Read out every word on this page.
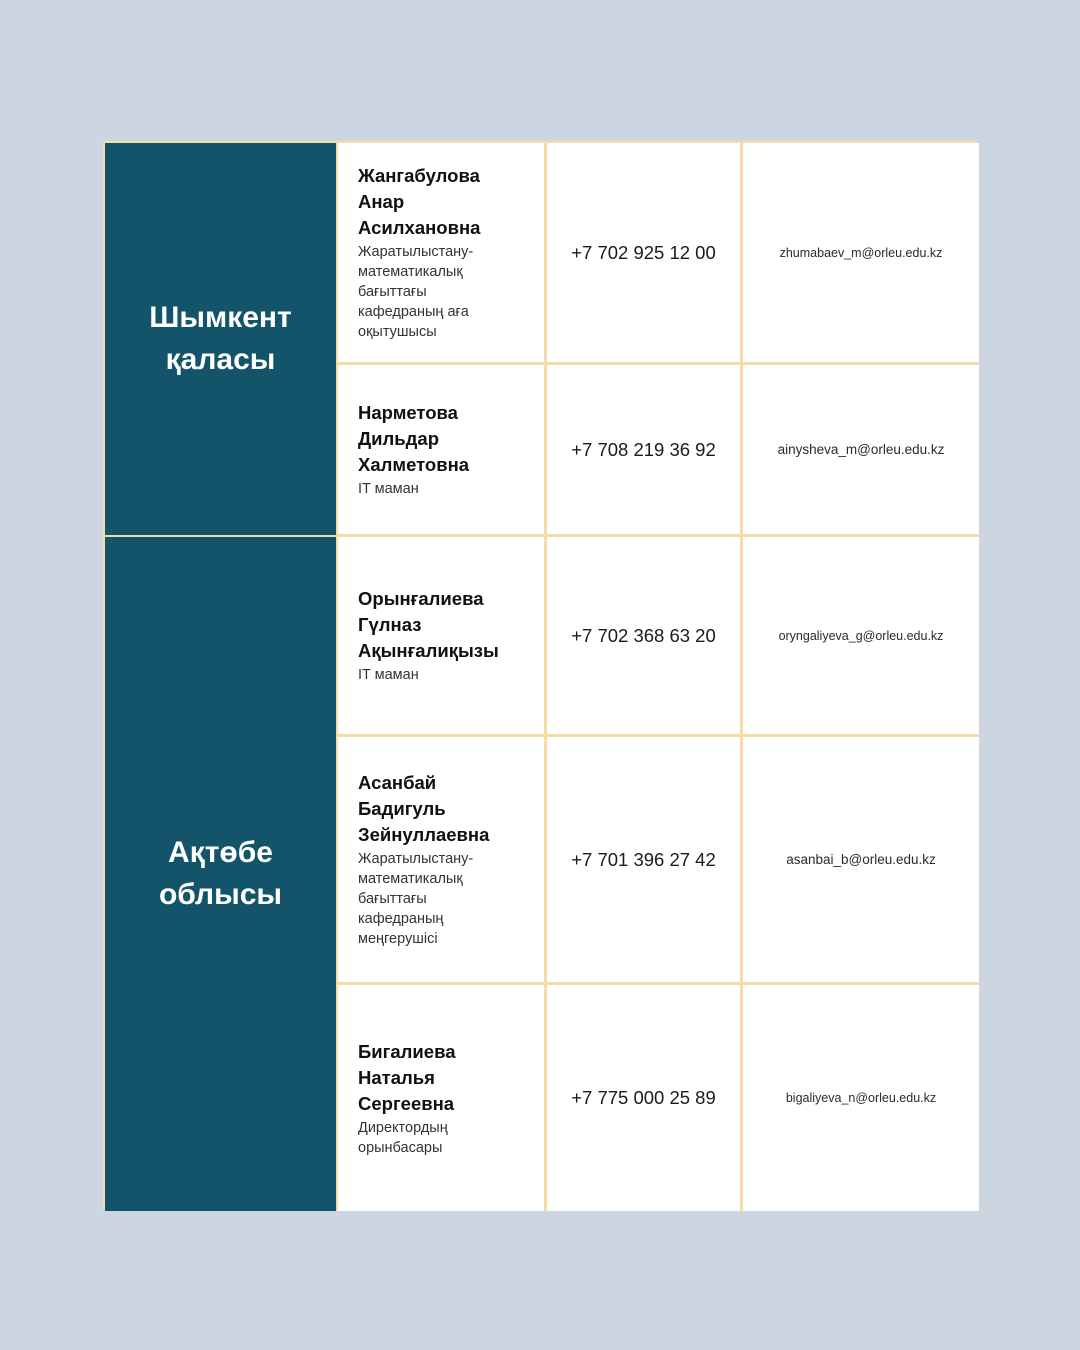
Шымкент қаласы
Жангабулова
Анар
Асилхановна
Жаратылыстану-
математикалық
бағыттағы
кафедраның аға
оқытушысы
+7 702 925 12 00	zhumabaev_m@orleu.edu.kz
Нарметова
Дильдар
Халметовна
IT маман
+7 708 219 36 92	ainysheva_m@orleu.edu.kz
Ақтөбе облысы
Орынғалиева
Гүлназ
Ақынғалиқызы
IT маман
+7 702 368 63 20	oryngaliyeva_g@orleu.edu.kz
Асанбай
Бадигуль
Зейнуллаевна
Жаратылыстану-
математикалық
бағыттағы
кафедраның
меңгерушісі
+7 701 396 27 42	asanbai_b@orleu.edu.kz
Бигалиева
Наталья
Сергеевна
Директордың
орынбасары
+7 775 000 25 89	bigaliyeva_n@orleu.edu.kz
